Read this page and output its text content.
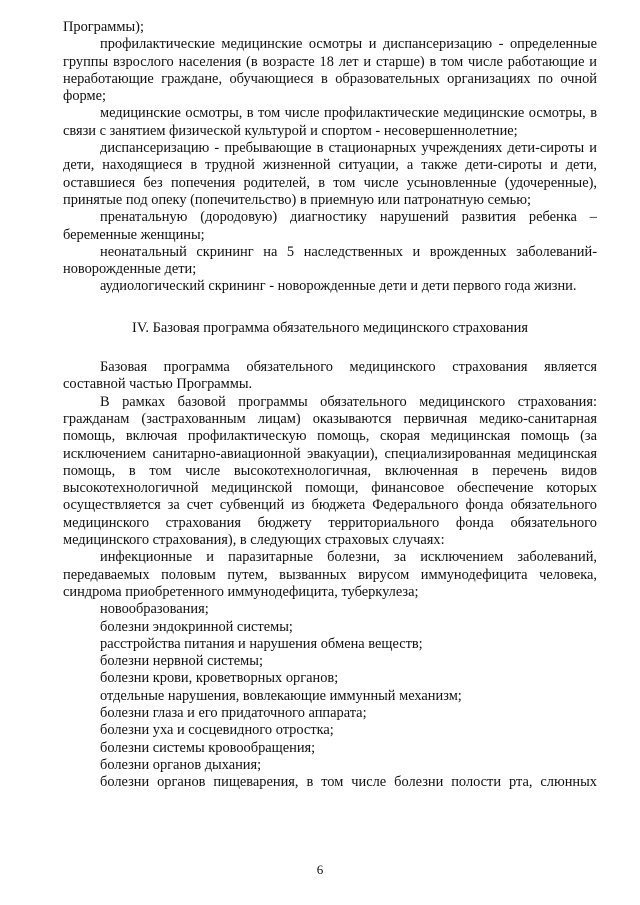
Программы);

профилактические медицинские осмотры и диспансеризацию - определенные группы взрослого населения (в возрасте 18 лет и старше) в том числе работающие и неработающие граждане, обучающиеся в образовательных организациях по очной форме;

медицинские осмотры, в том числе профилактические медицинские осмотры, в связи с занятием физической культурой и спортом - несовершеннолетние;

диспансеризацию - пребывающие в стационарных учреждениях дети-сироты и дети, находящиеся в трудной жизненной ситуации, а также дети-сироты и дети, оставшиеся без попечения родителей, в том числе усыновленные (удочеренные), принятые под опеку (попечительство) в приемную или патронатную семью;

пренатальную (дородовую) диагностику нарушений развития ребенка – беременные женщины;

неонатальный скрининг на 5 наследственных и врожденных заболеваний-новорожденные дети;

аудиологический скрининг - новорожденные дети и дети первого года жизни.

IV. Базовая программа обязательного медицинского страхования

Базовая программа обязательного медицинского страхования является составной частью Программы.

В рамках базовой программы обязательного медицинского страхования: гражданам (застрахованным лицам) оказываются первичная медико-санитарная помощь, включая профилактическую помощь, скорая медицинская помощь (за исключением санитарно-авиационной эвакуации), специализированная медицинская помощь, в том числе высокотехнологичная, включенная в перечень видов высокотехнологичной медицинской помощи, финансовое обеспечение которых осуществляется за счет субвенций из бюджета Федерального фонда обязательного медицинского страхования бюджету территориального фонда обязательного медицинского страхования), в следующих страховых случаях:

инфекционные и паразитарные болезни, за исключением заболеваний, передаваемых половым путем, вызванных вирусом иммунодефицита человека, синдрома приобретенного иммунодефицита, туберкулеза;

новообразования;

болезни эндокринной системы;

расстройства питания и нарушения обмена веществ;

болезни нервной системы;

болезни крови, кроветворных органов;

отдельные нарушения, вовлекающие иммунный механизм;

болезни глаза и его придаточного аппарата;

болезни уха и сосцевидного отростка;

болезни системы кровообращения;

болезни органов дыхания;

болезни органов пищеварения, в том числе болезни полости рта, слюнных

6
